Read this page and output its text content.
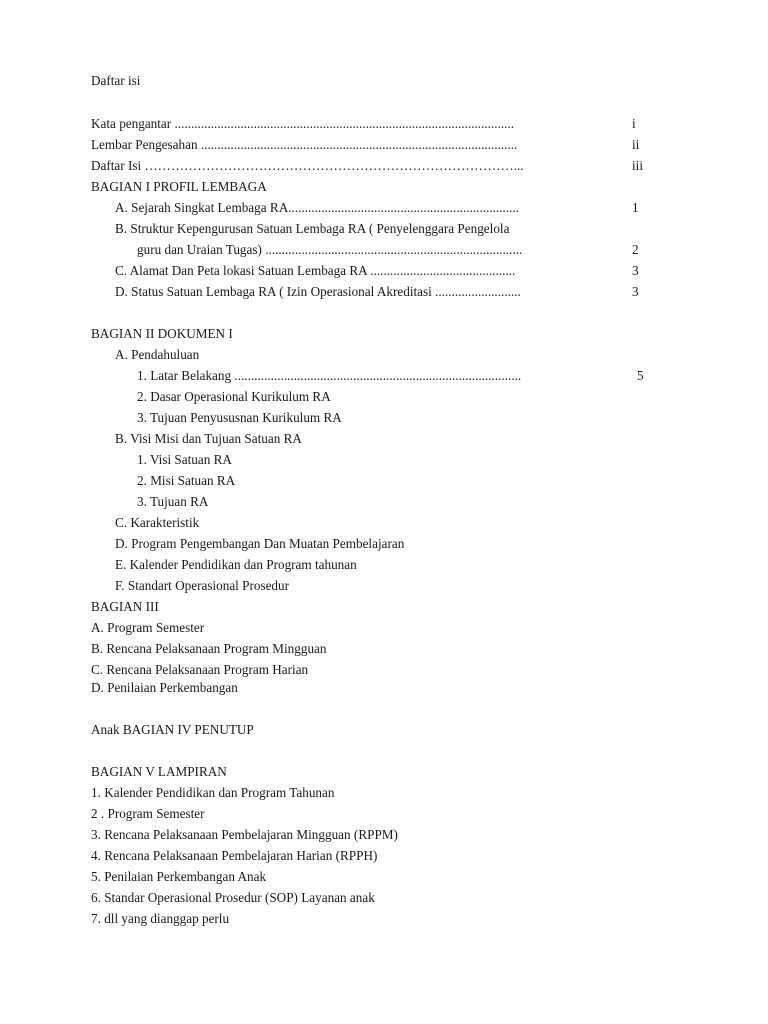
Daftar isi
Kata pengantar .......................................................................................................	i
Lembar Pengesahan ................................................................................................	ii
Daftar Isi …………………………………………………………………………...	iii
BAGIAN I PROFIL LEMBAGA
A. Sejarah Singkat Lembaga RA......................................................................	1
B. Struktur Kepengurusan Satuan Lembaga RA ( Penyelenggara Pengelola
guru dan Uraian Tugas) ..............................................................................	2
C. Alamat Dan Peta lokasi Satuan Lembaga RA ............................................	3
D. Status Satuan Lembaga RA ( Izin Operasional Akreditasi ..........................	3
BAGIAN II DOKUMEN I
A. Pendahuluan
1. Latar Belakang .......................................................................................	5
2. Dasar Operasional Kurikulum RA
3. Tujuan Penyususnan Kurikulum RA
B. Visi Misi dan Tujuan Satuan RA
1. Visi Satuan RA
2. Misi Satuan RA
3. Tujuan RA
C. Karakteristik
D. Program Pengembangan Dan Muatan Pembelajaran
E. Kalender Pendidikan dan Program tahunan
F. Standart Operasional Prosedur
BAGIAN III
A. Program Semester
B. Rencana Pelaksanaan Program Mingguan
C. Rencana Pelaksanaan Program Harian
D. Penilaian Perkembangan
Anak BAGIAN IV PENUTUP
BAGIAN V LAMPIRAN
1. Kalender Pendidikan dan Program Tahunan
2 . Program Semester
3. Rencana Pelaksanaan Pembelajaran Mingguan (RPPM)
4. Rencana Pelaksanaan Pembelajaran Harian (RPPH)
5. Penilaian Perkembangan Anak
6. Standar Operasional Prosedur (SOP) Layanan anak
7. dll yang dianggap perlu
